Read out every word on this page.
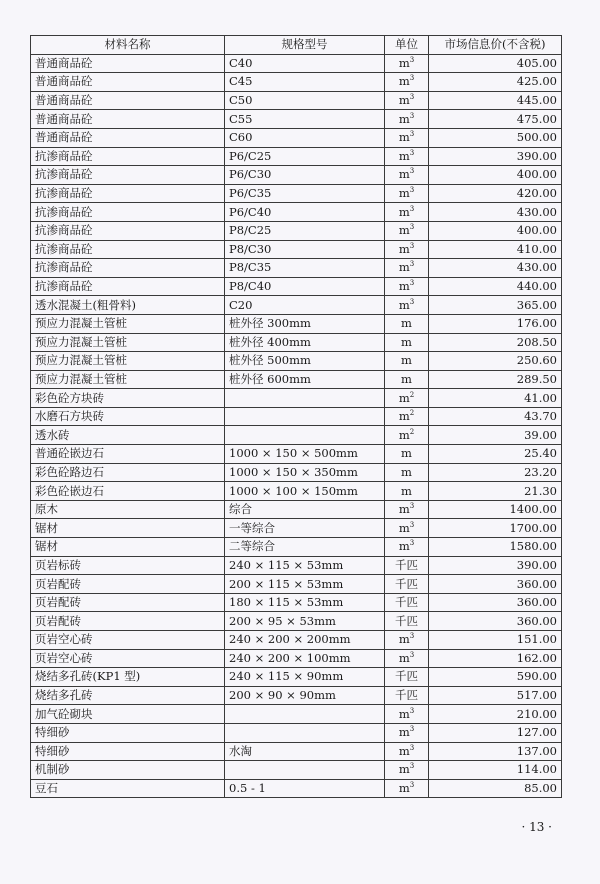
材料名称	规格型号	单位	市场信息价(不含税)
普通商品砼	C40	$m^3$	405.00
普通商品砼	C45	$m^3$	425.00
普通商品砼	C50	$m^3$	445.00
普通商品砼	C55	$m^3$	475.00
普通商品砼	C60	$m^3$	500.00
抗渗商品砼	P6/C25	$m^3$	390.00
抗渗商品砼	P6/C30	$m^3$	400.00
抗渗商品砼	P6/C35	$m^3$	420.00
抗渗商品砼	P6/C40	$m^3$	430.00
抗渗商品砼	P8/C25	$m^3$	400.00
抗渗商品砼	P8/C30	$m^3$	410.00
抗渗商品砼	P8/C35	$m^3$	430.00
抗渗商品砼	P8/C40	$m^3$	440.00
透水混凝土(粗骨料)	C20	$m^3$	365.00
预应力混凝土管桩	桩外径 300mm	m	176.00
预应力混凝土管桩	桩外径 400mm	m	208.50
预应力混凝土管桩	桩外径 500mm	m	250.60
预应力混凝土管桩	桩外径 600mm	m	289.50
彩色砼方块砖		$m^2$	41.00
水磨石方块砖		$m^2$	43.70
透水砖		$m^2$	39.00
普通砼嵌边石	1000 × 150 × 500mm	m	25.40
彩色砼路边石	1000 × 150 × 350mm	m	23.20
彩色砼嵌边石	1000 × 100 × 150mm	m	21.30
原木	综合	$m^3$	1400.00
锯材	一等综合	$m^3$	1700.00
锯材	二等综合	$m^3$	1580.00
页岩标砖	240 × 115 × 53mm	千匹	390.00
页岩配砖	200 × 115 × 53mm	千匹	360.00
页岩配砖	180 × 115 × 53mm	千匹	360.00
页岩配砖	200 × 95 × 53mm	千匹	360.00
页岩空心砖	240 × 200 × 200mm	$m^3$	151.00
页岩空心砖	240 × 200 × 100mm	$m^3$	162.00
烧结多孔砖(KP1 型)	240 × 115 × 90mm	千匹	590.00
烧结多孔砖	200 × 90 × 90mm	千匹	517.00
加气砼砌块		$m^3$	210.00
特细砂		$m^3$	127.00
特细砂	水淘	$m^3$	137.00
机制砂		$m^3$	114.00
豆石	0.5 - 1	$m^3$	85.00
· 13 ·
